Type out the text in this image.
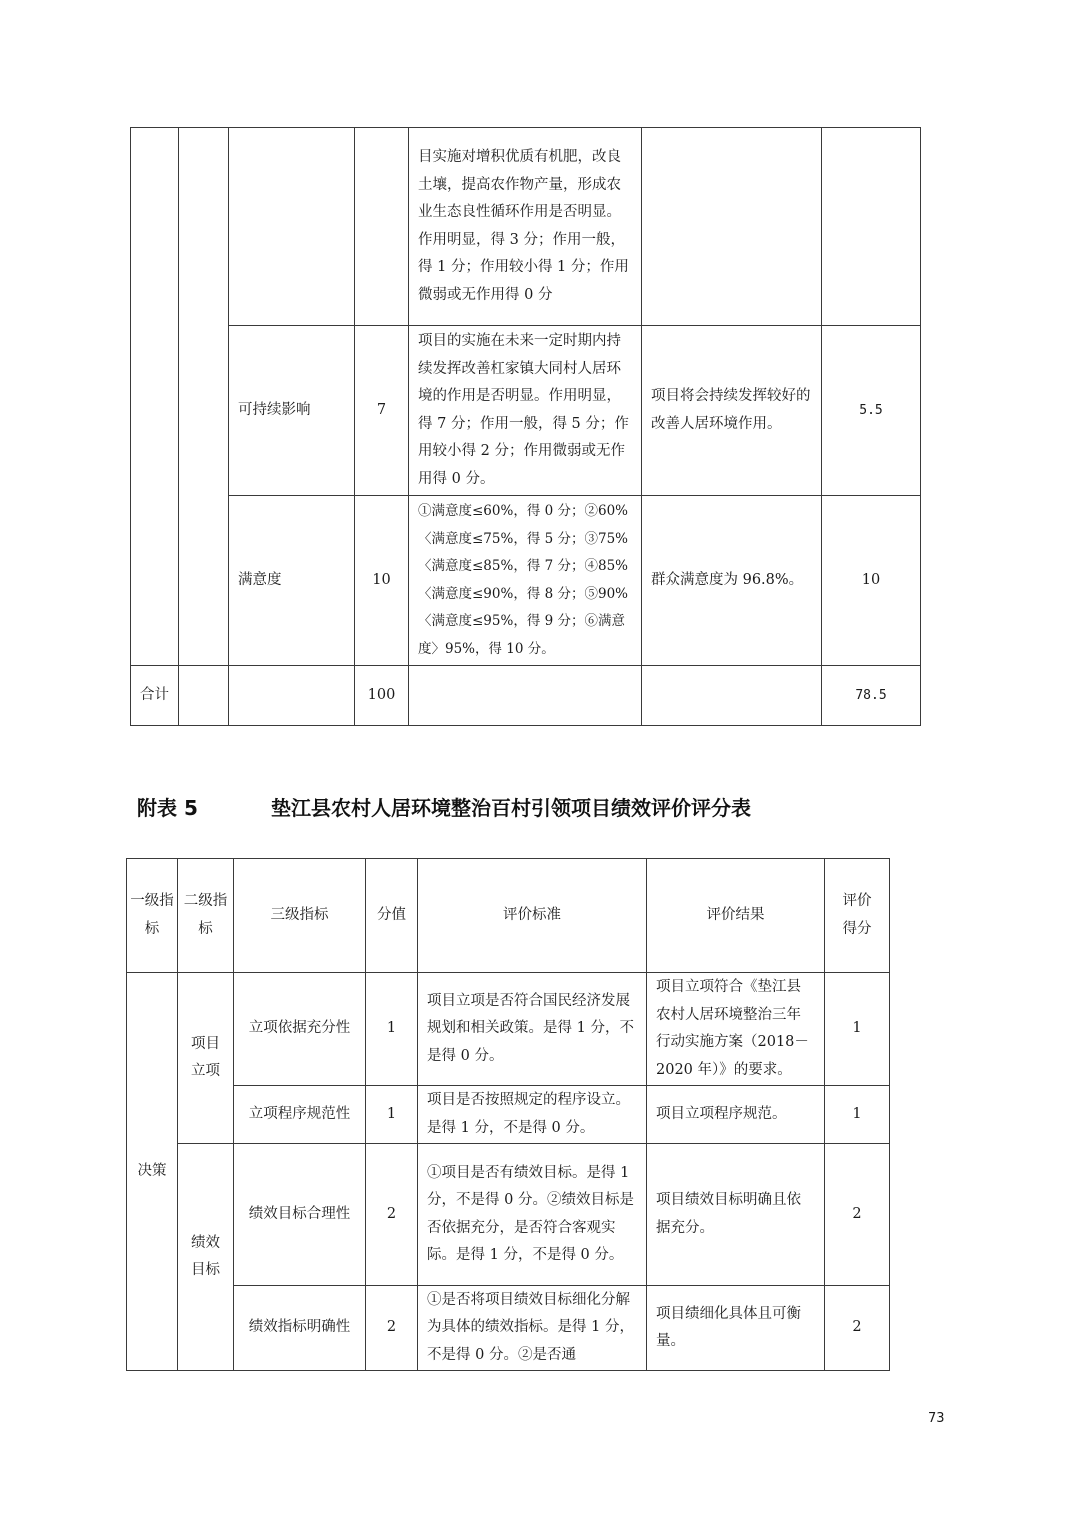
				目实施对增积优质有机肥，改良土壤，提高农作物产量，形成农业生态良性循环作用是否明显。作用明显，得 3 分；作用一般，得 1 分；作用较小得 1 分；作用微弱或无作用得 0 分		
		可持续影响	7	项目的实施在未来一定时期内持续发挥改善杠家镇大同村人居环境的作用是否明显。作用明显，得 7 分；作用一般，得 5 分；作用较小得 2 分；作用微弱或无作用得 0 分。	项目将会持续发挥较好的改善人居环境作用。	5.5
		满意度	10	①满意度≤60%，得 0 分；②60%〈满意度≤75%，得 5 分；③75%〈满意度≤85%，得 7 分；④85%〈满意度≤90%，得 8 分；⑤90%〈满意度≤95%，得 9 分；⑥满意度〉95%，得 10 分。	群众满意度为 96.8%。	10
合计			100			78.5
附表 5	垫江县农村人居环境整治百村引领项目绩效评价评分表
一级指标	二级指标	三级指标	分值	评价标准	评价结果	评价得分
决策	项目立项	立项依据充分性	1	项目立项是否符合国民经济发展规划和相关政策。是得 1 分，不是得 0 分。	项目立项符合《垫江县农村人居环境整治三年行动实施方案（2018－2020 年）》的要求。	1
		立项程序规范性	1	项目是否按照规定的程序设立。是得 1 分，不是得 0 分。	项目立项程序规范。	1
	绩效目标	绩效目标合理性	2	①项目是否有绩效目标。是得 1 分，不是得 0 分。②绩效目标是否依据充分，是否符合客观实际。是得 1 分，不是得 0 分。	项目绩效目标明确且依据充分。	2
		绩效指标明确性	2	①是否将项目绩效目标细化分解为具体的绩效指标。是得 1 分，不是得 0 分。②是否通	项目绩细化具体且可衡量。	2
73
